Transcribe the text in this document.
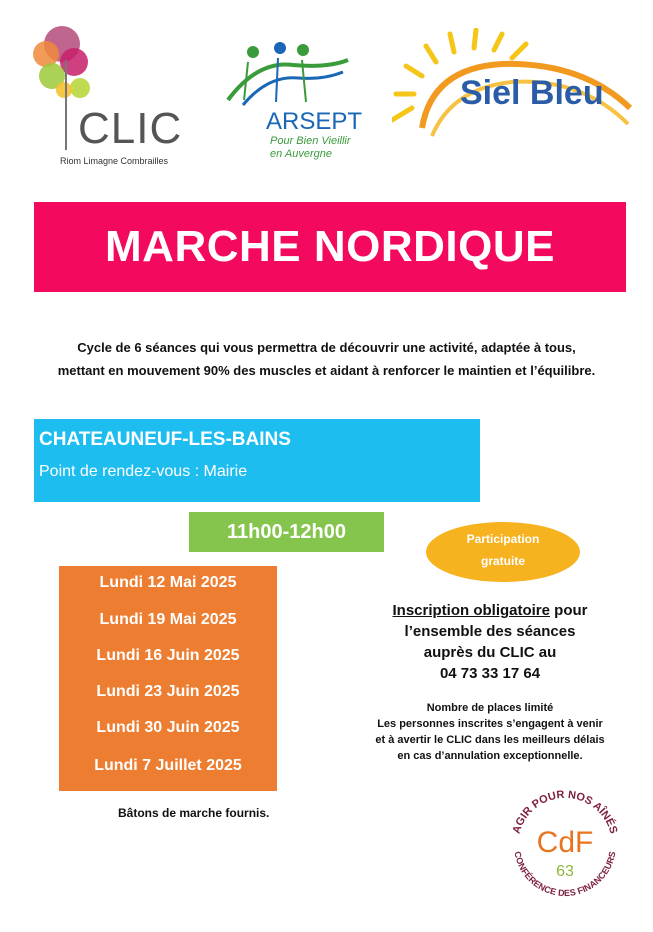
CLIC
Riom Limagne Combrailles
ARSEPT
Pour Bien Vieillir
en Auvergne
Siel Bleu
MARCHE NORDIQUE
Cycle de 6 séances qui vous permettra de découvrir une activité, adaptée à tous,
mettant en mouvement 90% des muscles et aidant à renforcer le maintien et l’équilibre.
CHATEAUNEUF-LES-BAINS
Point de rendez-vous : Mairie
11h00-12h00	Participation
gratuite
Lundi 12 Mai 2025
Lundi 19 Mai 2025
Lundi 16 Juin 2025
Lundi 23 Juin 2025
Lundi 30 Juin 2025
Lundi 7 Juillet 2025
Inscription obligatoire pour
l’ensemble des séances
auprès du CLIC au
04 73 33 17 64
Nombre de places limité
Les personnes inscrites s’engagent à venir
et à avertir le CLIC dans les meilleurs délais
en cas d’annulation exceptionnelle.
Bâtons de marche fournis.
AGIR POUR NOS AÎNÉS
CONFÉRENCE DES FINANCEURS
CdF
63
